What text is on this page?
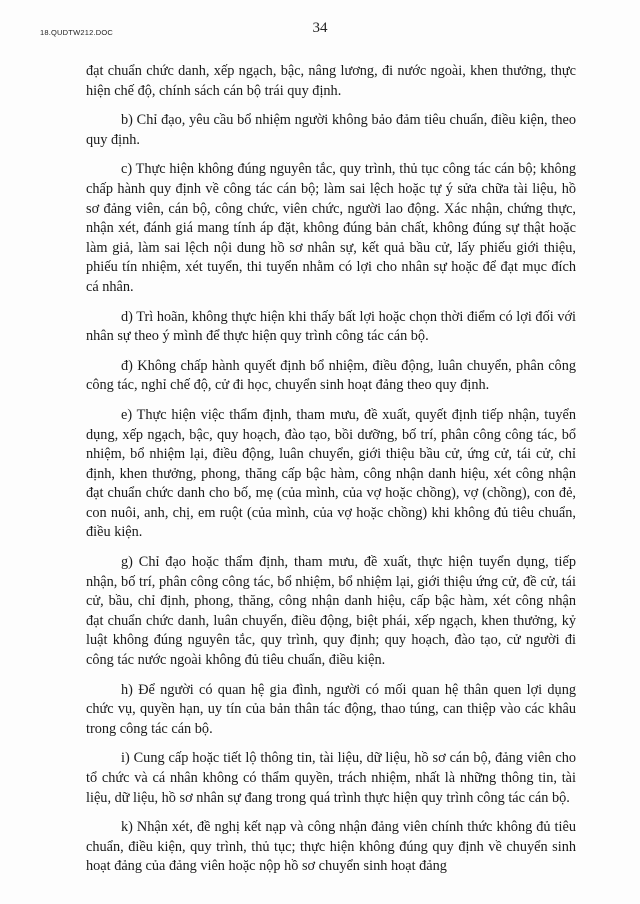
18.QUDTW212.DOC	34

đạt chuẩn chức danh, xếp ngạch, bậc, nâng lương, đi nước ngoài, khen thưởng, thực hiện chế độ, chính sách cán bộ trái quy định.

b) Chỉ đạo, yêu cầu bổ nhiệm người không bảo đảm tiêu chuẩn, điều kiện, theo quy định.

c) Thực hiện không đúng nguyên tắc, quy trình, thủ tục công tác cán bộ; không chấp hành quy định về công tác cán bộ; làm sai lệch hoặc tự ý sửa chữa tài liệu, hồ sơ đảng viên, cán bộ, công chức, viên chức, người lao động. Xác nhận, chứng thực, nhận xét, đánh giá mang tính áp đặt, không đúng bản chất, không đúng sự thật hoặc làm giả, làm sai lệch nội dung hồ sơ nhân sự, kết quả bầu cử, lấy phiếu giới thiệu, phiếu tín nhiệm, xét tuyển, thi tuyển nhằm có lợi cho nhân sự hoặc để đạt mục đích cá nhân.

d) Trì hoãn, không thực hiện khi thấy bất lợi hoặc chọn thời điểm có lợi đối với nhân sự theo ý mình để thực hiện quy trình công tác cán bộ.

đ) Không chấp hành quyết định bổ nhiệm, điều động, luân chuyển, phân công công tác, nghỉ chế độ, cử đi học, chuyển sinh hoạt đảng theo quy định.

e) Thực hiện việc thẩm định, tham mưu, đề xuất, quyết định tiếp nhận, tuyển dụng, xếp ngạch, bậc, quy hoạch, đào tạo, bồi dưỡng, bố trí, phân công công tác, bổ nhiệm, bổ nhiệm lại, điều động, luân chuyển, giới thiệu bầu cử, ứng cử, tái cử, chỉ định, khen thưởng, phong, thăng cấp bậc hàm, công nhận danh hiệu, xét công nhận đạt chuẩn chức danh cho bố, mẹ (của mình, của vợ hoặc chồng), vợ (chồng), con đẻ, con nuôi, anh, chị, em ruột (của mình, của vợ hoặc chồng) khi không đủ tiêu chuẩn, điều kiện.

g) Chỉ đạo hoặc thẩm định, tham mưu, đề xuất, thực hiện tuyển dụng, tiếp nhận, bố trí, phân công công tác, bổ nhiệm, bổ nhiệm lại, giới thiệu ứng cử, đề cử, tái cử, bầu, chỉ định, phong, thăng, công nhận danh hiệu, cấp bậc hàm, xét công nhận đạt chuẩn chức danh, luân chuyển, điều động, biệt phái, xếp ngạch, khen thưởng, kỷ luật không đúng nguyên tắc, quy trình, quy định; quy hoạch, đào tạo, cử người đi công tác nước ngoài không đủ tiêu chuẩn, điều kiện.

h) Để người có quan hệ gia đình, người có mối quan hệ thân quen lợi dụng chức vụ, quyền hạn, uy tín của bản thân tác động, thao túng, can thiệp vào các khâu trong công tác cán bộ.

i) Cung cấp hoặc tiết lộ thông tin, tài liệu, dữ liệu, hồ sơ cán bộ, đảng viên cho tổ chức và cá nhân không có thẩm quyền, trách nhiệm, nhất là những thông tin, tài liệu, dữ liệu, hồ sơ nhân sự đang trong quá trình thực hiện quy trình công tác cán bộ.

k) Nhận xét, đề nghị kết nạp và công nhận đảng viên chính thức không đủ tiêu chuẩn, điều kiện, quy trình, thủ tục; thực hiện không đúng quy định về chuyển sinh hoạt đảng của đảng viên hoặc nộp hồ sơ chuyển sinh hoạt đảng
